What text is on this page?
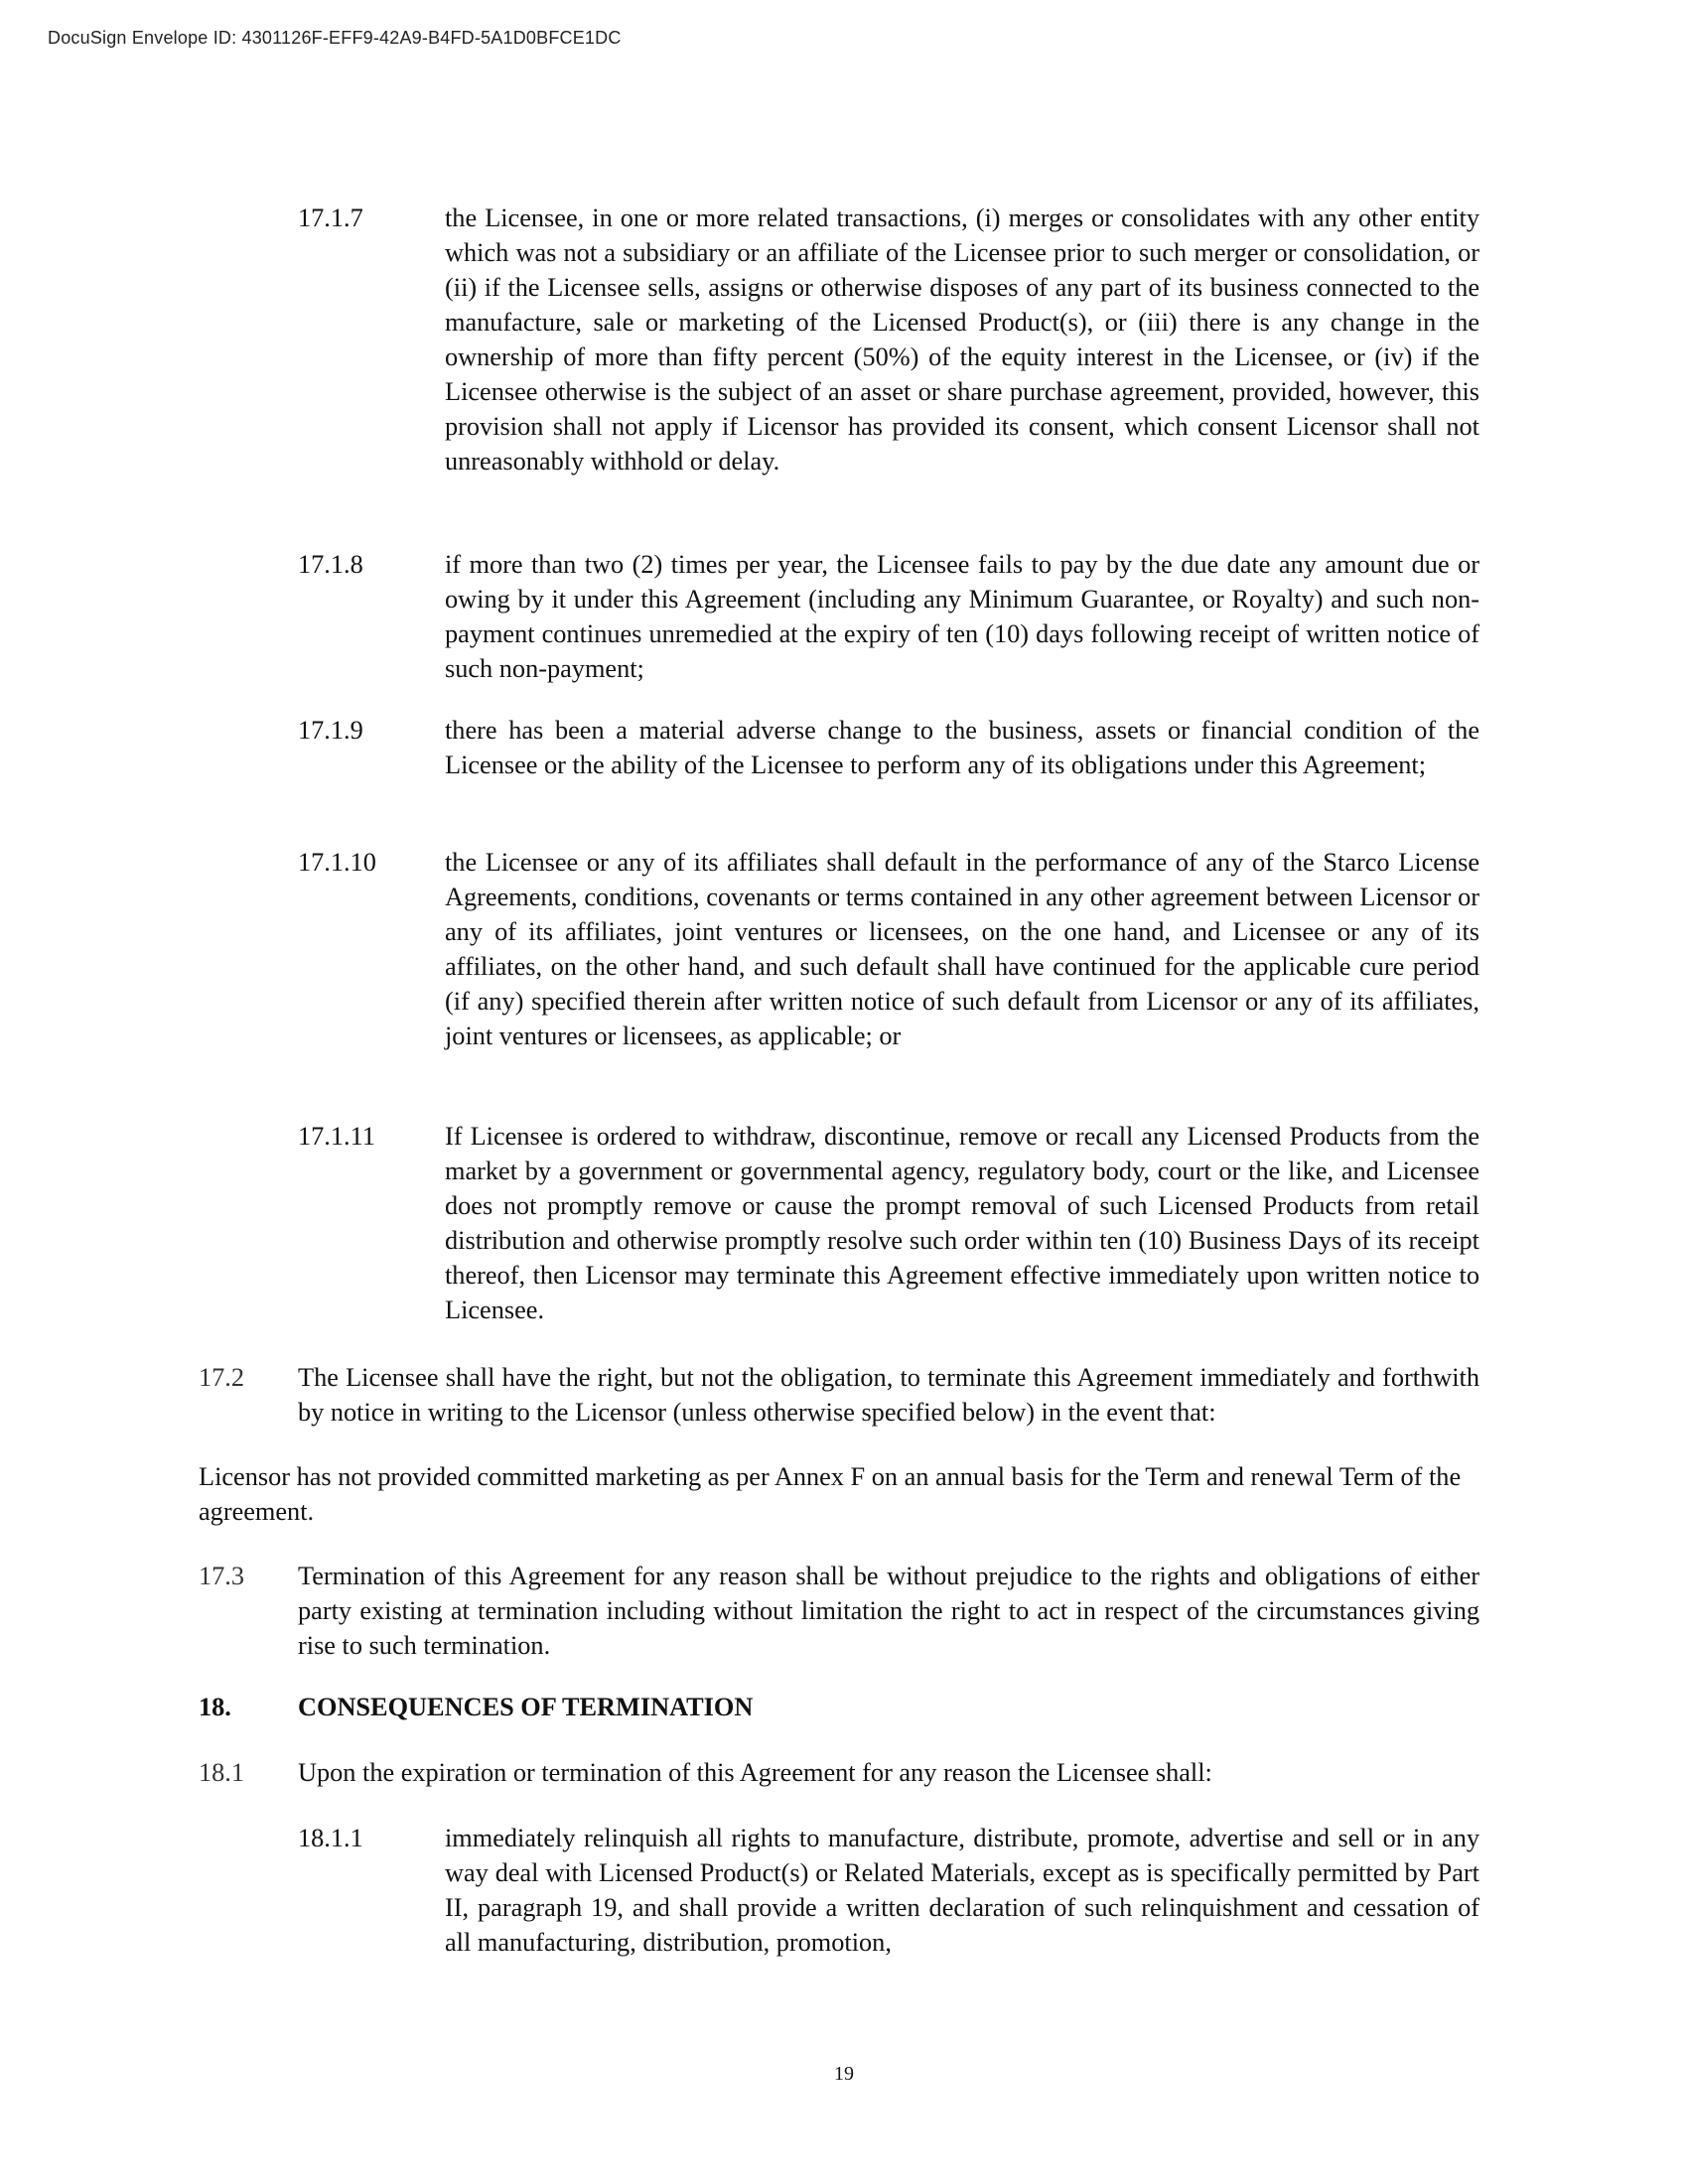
DocuSign Envelope ID: 4301126F-EFF9-42A9-B4FD-5A1D0BFCE1DC
17.1.7	the Licensee, in one or more related transactions, (i) merges or consolidates with any other entity which was not a subsidiary or an affiliate of the Licensee prior to such merger or consolidation, or (ii) if the Licensee sells, assigns or otherwise disposes of any part of its business connected to the manufacture, sale or marketing of the Licensed Product(s), or (iii) there is any change in the ownership of more than fifty percent (50%) of the equity interest in the Licensee, or (iv) if the Licensee otherwise is the subject of an asset or share purchase agreement, provided, however, this provision shall not apply if Licensor has provided its consent, which consent Licensor shall not unreasonably withhold or delay.
17.1.8	if more than two (2) times per year, the Licensee fails to pay by the due date any amount due or owing by it under this Agreement (including any Minimum Guarantee, or Royalty) and such non-payment continues unremedied at the expiry of ten (10) days following receipt of written notice of such non-payment;
17.1.9	there has been a material adverse change to the business, assets or financial condition of the Licensee or the ability of the Licensee to perform any of its obligations under this Agreement;
17.1.10	the Licensee or any of its affiliates shall default in the performance of any of the Starco License Agreements, conditions, covenants or terms contained in any other agreement between Licensor or any of its affiliates, joint ventures or licensees, on the one hand, and Licensee or any of its affiliates, on the other hand, and such default shall have continued for the applicable cure period (if any) specified therein after written notice of such default from Licensor or any of its affiliates, joint ventures or licensees, as applicable; or
17.1.11	If Licensee is ordered to withdraw, discontinue, remove or recall any Licensed Products from the market by a government or governmental agency, regulatory body, court or the like, and Licensee does not promptly remove or cause the prompt removal of such Licensed Products from retail distribution and otherwise promptly resolve such order within ten (10) Business Days of its receipt thereof, then Licensor may terminate this Agreement effective immediately upon written notice to Licensee.
17.2 The Licensee shall have the right, but not the obligation, to terminate this Agreement immediately and forthwith by notice in writing to the Licensor (unless otherwise specified below) in the event that:
Licensor has not provided committed marketing as per Annex F on an annual basis for the Term and renewal Term of the agreement.
17.3 Termination of this Agreement for any reason shall be without prejudice to the rights and obligations of either party existing at termination including without limitation the right to act in respect of the circumstances giving rise to such termination.
18.	CONSEQUENCES OF TERMINATION
18.1 Upon the expiration or termination of this Agreement for any reason the Licensee shall:
18.1.1	immediately relinquish all rights to manufacture, distribute, promote, advertise and sell or in any way deal with Licensed Product(s) or Related Materials, except as is specifically permitted by Part II, paragraph 19, and shall provide a written declaration of such relinquishment and cessation of all manufacturing, distribution, promotion,
19
